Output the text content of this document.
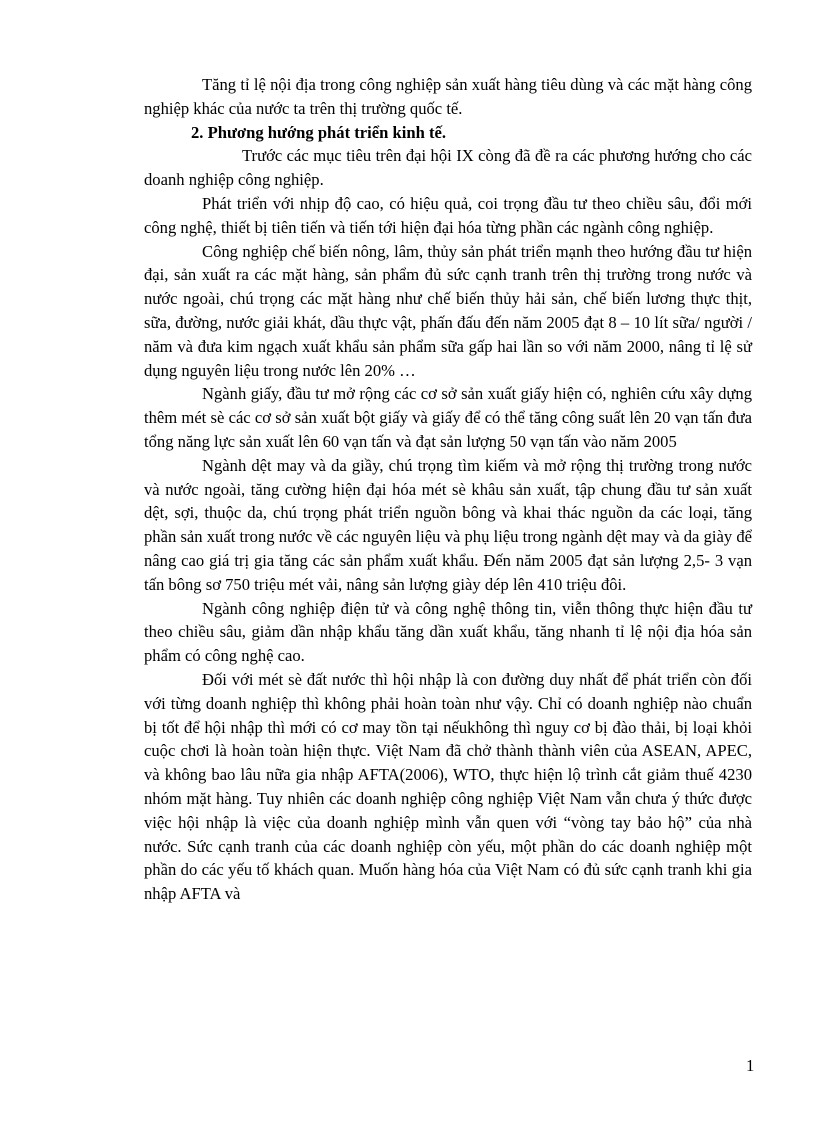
Tăng tỉ lệ nội địa trong công nghiệp sản xuất hàng tiêu dùng và các mặt hàng công nghiệp khác của nước ta trên thị trường quốc tế.

2. Phương hướng phát triển kinh tế.

Trước các mục tiêu trên đại hội IX còng đã đề ra các phương hướng cho các doanh nghiệp công nghiệp.

Phát triển với nhịp độ cao, có hiệu quả, coi trọng đầu tư theo chiều sâu, đổi mới công nghệ, thiết bị tiên tiến và tiến tới hiện đại hóa từng phần các ngành công nghiệp.

Công nghiệp chế biến nông, lâm, thủy sản phát triển mạnh theo hướng đầu tư hiện đại, sản xuất ra các mặt hàng, sản phẩm đủ sức cạnh tranh trên thị trường trong nước và nước ngoài, chú trọng các mặt hàng như chế biến thủy hải sản, chế biến lương thực thịt, sữa, đường, nước giải khát, dầu thực vật, phấn đấu đến năm 2005 đạt 8 – 10 lít sữa/ người / năm và đưa kim ngạch xuất khẩu sản phẩm sữa gấp hai lần so với năm 2000, nâng tỉ lệ sử dụng nguyên liệu trong nước lên 20% …

Ngành giấy, đầu tư mở rộng các cơ sở sản xuất giấy hiện có, nghiên cứu xây dựng thêm mét sè các cơ sở sản xuất bột giấy và giấy để có thể tăng công suất lên 20 vạn tấn đưa tổng năng lực sản xuất lên 60 vạn tấn và đạt sản lượng 50 vạn tấn vào năm 2005

Ngành dệt may và da giầy, chú trọng tìm kiếm và mở rộng thị trường trong nước và nước ngoài, tăng cường hiện đại hóa mét sè khâu sản xuất, tập chung đầu tư sản xuất dệt, sợi, thuộc da, chú trọng phát triển nguồn bông và khai thác nguồn da các loại, tăng phần sản xuất trong nước về các nguyên liệu và phụ liệu trong ngành dệt may và da giày để nâng cao giá trị gia tăng các sản phẩm xuất khẩu. Đến năm 2005 đạt sản lượng 2,5- 3 vạn tấn bông sơ 750 triệu mét vải, nâng sản lượng giày dép lên 410 triệu đôi.

Ngành công nghiệp điện tử và công nghệ thông tin, viễn thông thực hiện đầu tư theo chiều sâu, giảm dần nhập khẩu tăng dần xuất khẩu, tăng nhanh tỉ lệ nội địa hóa sản phẩm có công nghệ cao.

Đối với mét sè đất nước thì hội nhập là con đường duy nhất để phát triển còn đối với từng doanh nghiệp thì không phải hoàn toàn như vậy. Chỉ có doanh nghiệp nào chuẩn bị tốt để hội nhập thì mới có cơ may tồn tại nếukhông thì nguy cơ bị đào thải, bị loại khỏi cuộc chơi là hoàn toàn hiện thực. Việt Nam đã chở thành thành viên của ASEAN, APEC, và không bao lâu nữa gia nhập AFTA(2006), WTO, thực hiện lộ trình cắt giảm thuế 4230 nhóm mặt hàng. Tuy nhiên các doanh nghiệp công nghiệp Việt Nam vẫn chưa ý thức được việc hội nhập là việc của doanh nghiệp mình vẫn quen với “vòng tay bảo hộ” của nhà nước. Sức cạnh tranh của các doanh nghiệp còn yếu, một phần do các doanh nghiệp một phần do các yếu tố khách quan. Muốn hàng hóa của Việt Nam có đủ sức cạnh tranh khi gia nhập AFTA và

1
